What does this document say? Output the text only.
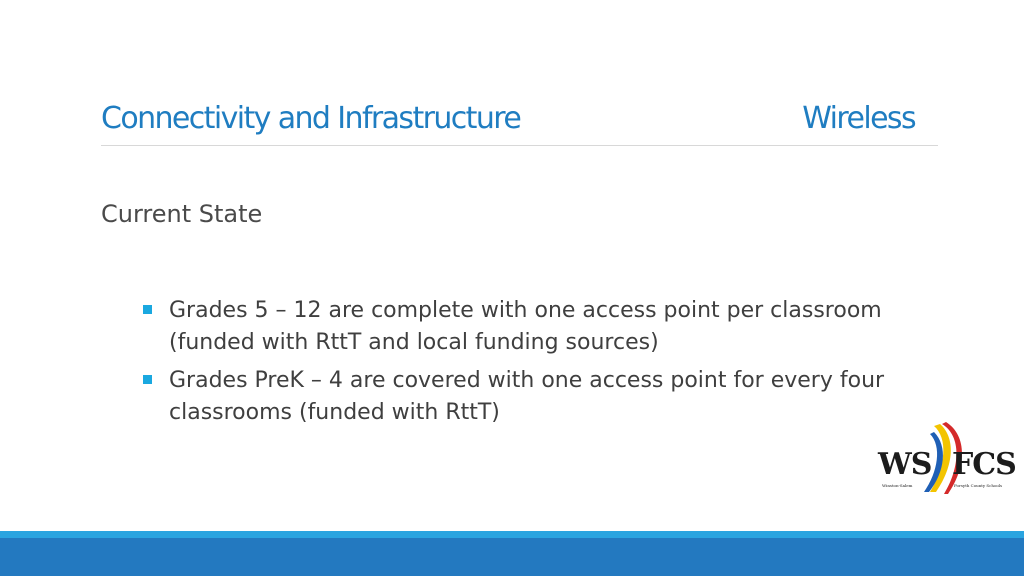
Connectivity and Infrastructure	Wireless
Current State
Grades 5 – 12 are complete with one access point per classroom (funded with RttT and local funding sources)
Grades PreK – 4 are covered with one access point for every four classrooms (funded with RttT)
WS FCS
Winston-Salem	Forsyth County Schools
